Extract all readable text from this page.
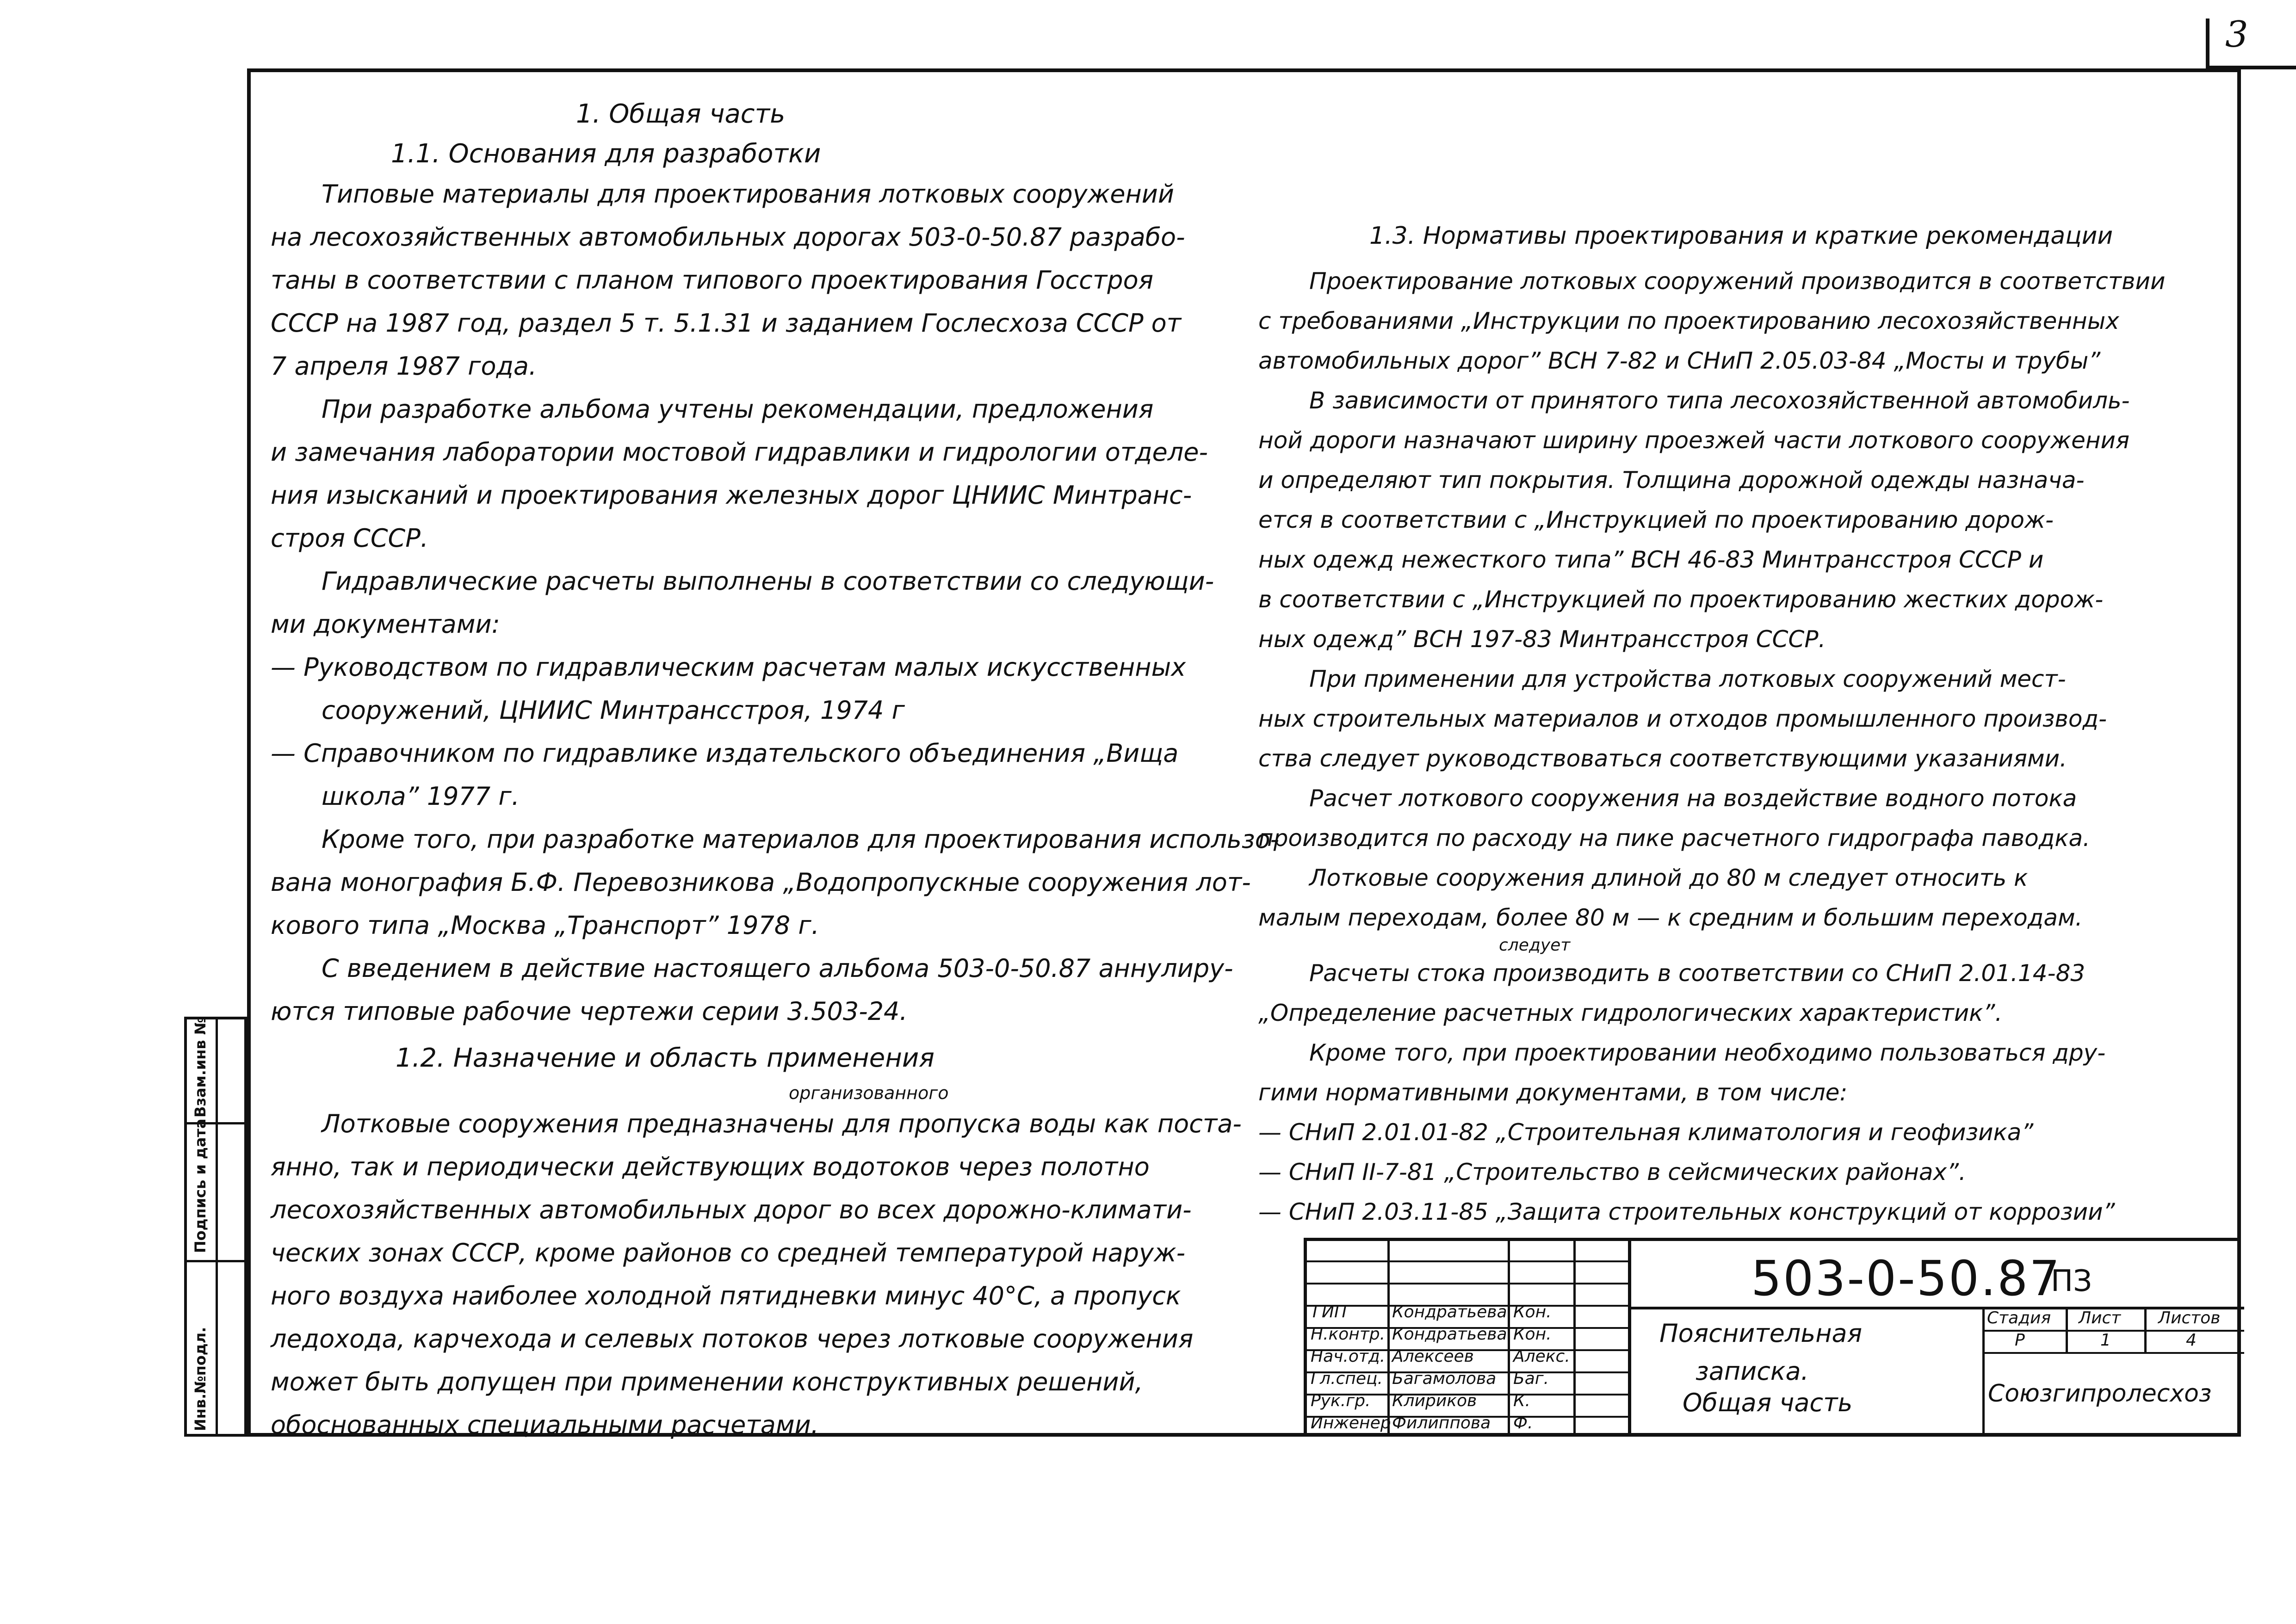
3

1. Общая часть

1.1. Основания для разработки

Типовые материалы для проектирования лотковых сооружений

на лесохозяйственных автомобильных дорогах 503-0-50.87 разрабо-

таны в соответствии с планом типового проектирования Госстроя

СССР на 1987 год, раздел 5 т. 5.1.31 и заданием Гослесхоза СССР от

7 апреля 1987 года.

При разработке альбома учтены рекомендации, предложения

и замечания лаборатории мостовой гидравлики и гидрологии отделе-

ния изысканий и проектирования железных дорог ЦНИИС Минтранс-

строя СССР.

Гидравлические расчеты выполнены в соответствии со следующи-

ми документами:

— Руководством по гидравлическим расчетам малых искусственных

сооружений, ЦНИИС Минтрансстроя, 1974 г

— Справочником по гидравлике издательского объединения „Вища

школа” 1977 г.

Кроме того, при разработке материалов для проектирования использо-

вана монография Б.Ф. Перевозникова „Водопропускные сооружения лот-

кового типа „Москва „Транспорт” 1978 г.

С введением в действие настоящего альбома 503-0-50.87 аннулиру-

ются типовые рабочие чертежи серии 3.503-24.

1.2. Назначение и область применения

организованного

Лотковые сооружения предназначены для пропуска воды как поста-

янно, так и периодически действующих водотоков через полотно

лесохозяйственных автомобильных дорог во всех дорожно-климати-

ческих зонах СССР, кроме районов со средней температурой наруж-

ного воздуха наиболее холодной пятидневки минус 40°С, а пропуск

ледохода, карчехода и селевых потоков через лотковые сооружения

может быть допущен при применении конструктивных решений,

обоснованных специальными расчетами.

1.3. Нормативы проектирования и краткие рекомендации

Проектирование лотковых сооружений производится в соответствии

с требованиями „Инструкции по проектированию лесохозяйственных

автомобильных дорог” ВСН 7-82 и СНиП 2.05.03-84 „Мосты и трубы”

В зависимости от принятого типа лесохозяйственной автомобиль-

ной дороги назначают ширину проезжей части лоткового сооружения

и определяют тип покрытия. Толщина дорожной одежды назнача-

ется в соответствии с „Инструкцией по проектированию дорож-

ных одежд нежесткого типа” ВСН 46-83 Минтрансстроя СССР и

в соответствии с „Инструкцией по проектированию жестких дорож-

ных одежд” ВСН 197-83 Минтрансстроя СССР.

При применении для устройства лотковых сооружений мест-

ных строительных материалов и отходов промышленного производ-

ства следует руководствоваться соответствующими указаниями.

Расчет лоткового сооружения на воздействие водного потока

производится по расходу на пике расчетного гидрографа паводка.

Лотковые сооружения длиной до 80 м следует относить к

малым переходам, более 80 м — к средним и большим переходам.

следует

Расчеты стока производить в соответствии со СНиП 2.01.14-83

„Определение расчетных гидрологических характеристик”.

Кроме того, при проектировании необходимо пользоваться дру-

гими нормативными документами, в том числе:

— СНиП 2.01.01-82 „Строительная климатология и геофизика”

— СНиП II-7-81 „Строительство в сейсмических районах”.

— СНиП 2.03.11-85 „Защита строительных конструкций от коррозии”

Инв.№подл.
Подпись и дата
Взам.инв №
ГИП
Н.контр.
Нач.отд.
Гл.спец.
Рук.гр.
Инженер
Кондратьева
Кондратьева
Алексеев
Багамолова
Клириков
Филиппова
Кон.
Кон.
Алекс.
Баг.
К.
Ф.
503-0-50.87
ПЗ
Пояснительная
записка.
Общая часть
Стадия Лист Листов
Р	1	4
Союзгипролесхоз
